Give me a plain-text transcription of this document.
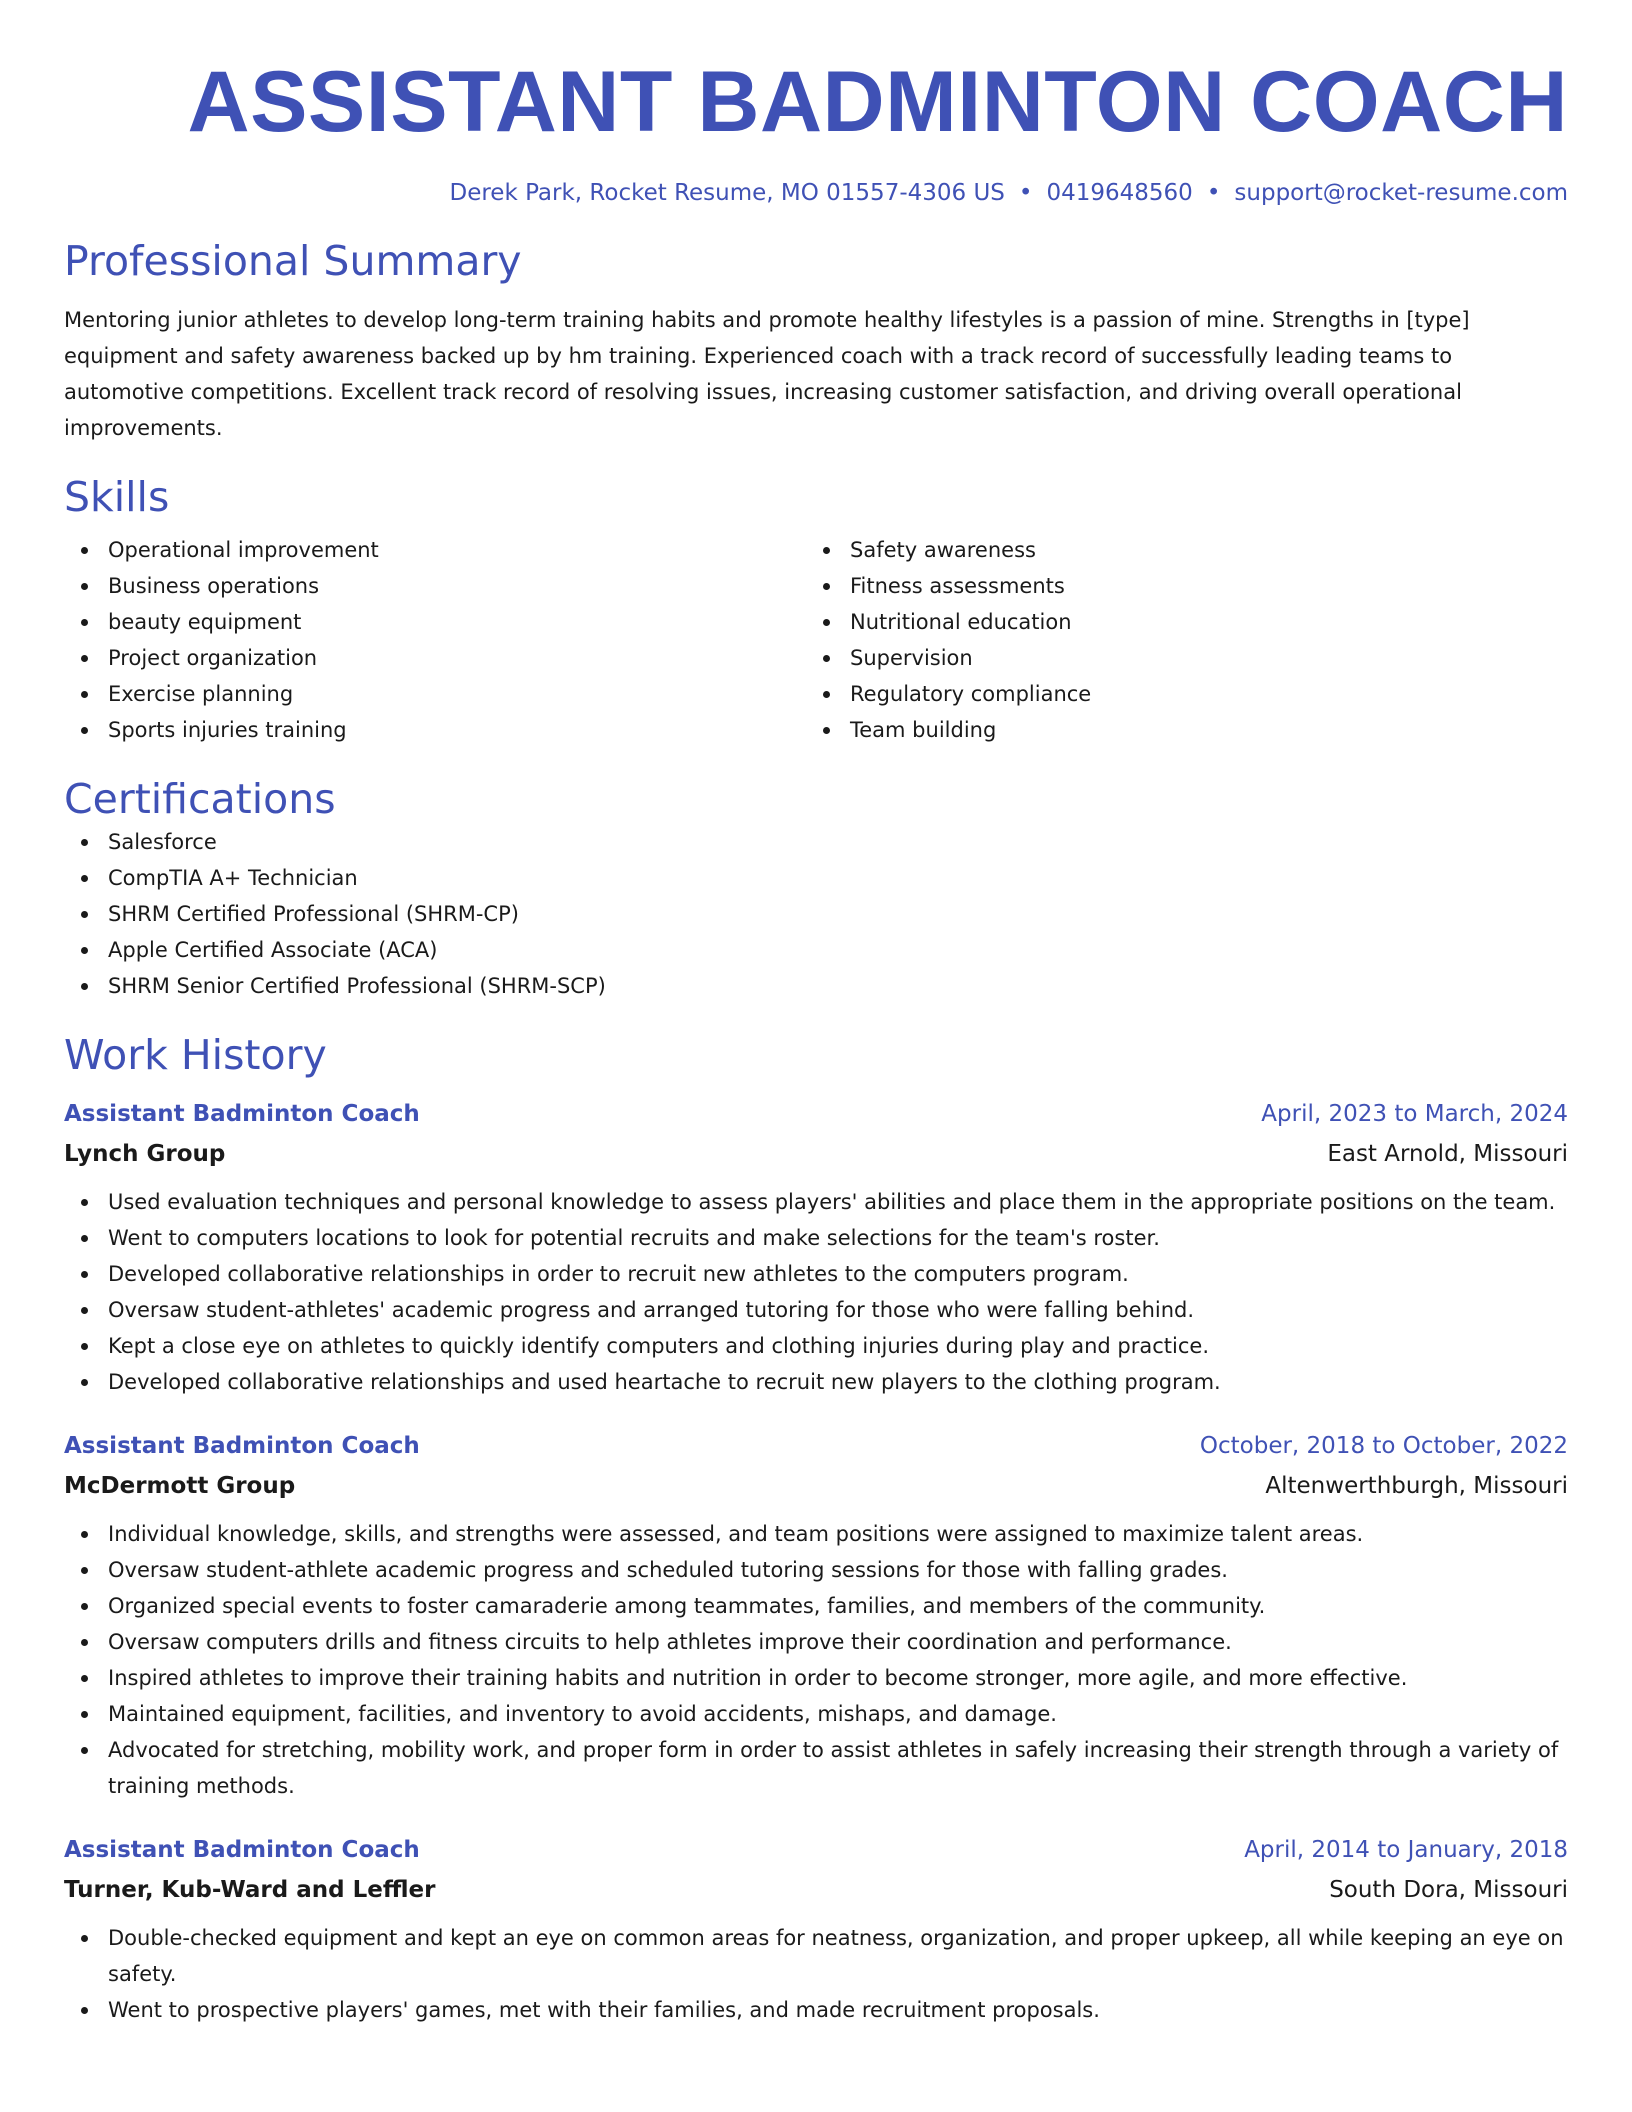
ASSISTANT BADMINTON COACH
Derek Park, Rocket Resume, MO 01557-4306 US • 0419648560 • support@rocket-resume.com
Professional Summary
Mentoring junior athletes to develop long-term training habits and promote healthy lifestyles is a passion of mine. Strengths in [type] equipment and safety awareness backed up by hm training. Experienced coach with a track record of successfully leading teams to automotive competitions. Excellent track record of resolving issues, increasing customer satisfaction, and driving overall operational improvements.
Skills
Operational improvement
Business operations
beauty equipment
Project organization
Exercise planning
Sports injuries training
Safety awareness
Fitness assessments
Nutritional education
Supervision
Regulatory compliance
Team building
Certifications
Salesforce
CompTIA A+ Technician
SHRM Certified Professional (SHRM-CP)
Apple Certified Associate (ACA)
SHRM Senior Certified Professional (SHRM-SCP)
Work History
Assistant Badminton Coach	April, 2023 to March, 2024
Lynch Group	East Arnold, Missouri
Used evaluation techniques and personal knowledge to assess players' abilities and place them in the appropriate positions on the team.
Went to computers locations to look for potential recruits and make selections for the team's roster.
Developed collaborative relationships in order to recruit new athletes to the computers program.
Oversaw student-athletes' academic progress and arranged tutoring for those who were falling behind.
Kept a close eye on athletes to quickly identify computers and clothing injuries during play and practice.
Developed collaborative relationships and used heartache to recruit new players to the clothing program.
Assistant Badminton Coach	October, 2018 to October, 2022
McDermott Group	Altenwerthburgh, Missouri
Individual knowledge, skills, and strengths were assessed, and team positions were assigned to maximize talent areas.
Oversaw student-athlete academic progress and scheduled tutoring sessions for those with falling grades.
Organized special events to foster camaraderie among teammates, families, and members of the community.
Oversaw computers drills and fitness circuits to help athletes improve their coordination and performance.
Inspired athletes to improve their training habits and nutrition in order to become stronger, more agile, and more effective.
Maintained equipment, facilities, and inventory to avoid accidents, mishaps, and damage.
Advocated for stretching, mobility work, and proper form in order to assist athletes in safely increasing their strength through a variety of training methods.
Assistant Badminton Coach	April, 2014 to January, 2018
Turner, Kub-Ward and Leffler	South Dora, Missouri
Double-checked equipment and kept an eye on common areas for neatness, organization, and proper upkeep, all while keeping an eye on safety.
Went to prospective players' games, met with their families, and made recruitment proposals.
